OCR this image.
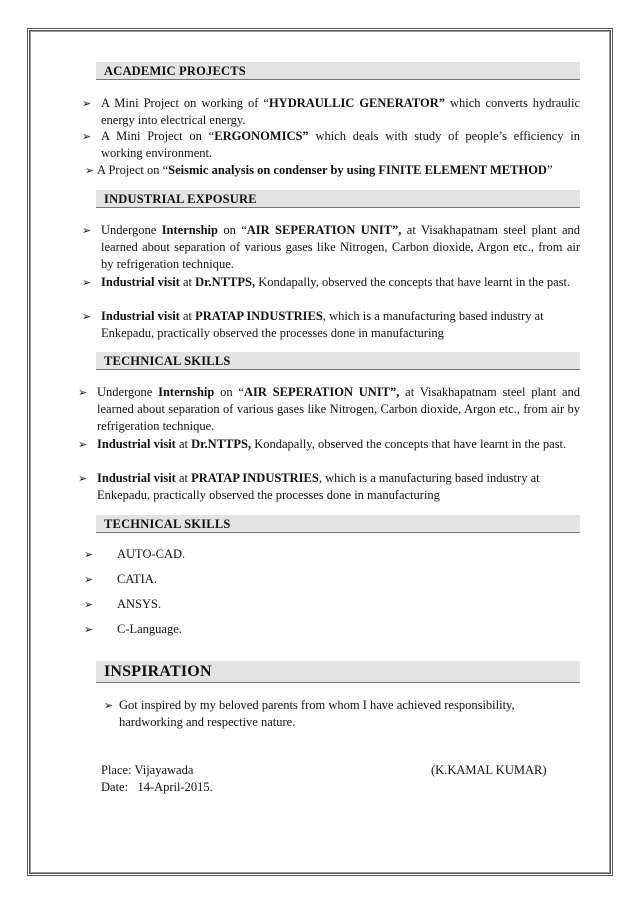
ACADEMIC PROJECTS
➢ A Mini Project on working of “HYDRAULLIC GENERATOR” which converts hydraulic energy into electrical energy.
➢ A Mini Project on “ERGONOMICS” which deals with study of people’s efficiency in working environment.
➢ A Project on “Seismic analysis on condenser by using FINITE ELEMENT METHOD”
INDUSTRIAL EXPOSURE
➢ Undergone Internship on “AIR SEPERATION UNIT”, at Visakhapatnam steel plant and learned about separation of various gases like Nitrogen, Carbon dioxide, Argon etc., from air by refrigeration technique.
➢ Industrial visit at Dr.NTTPS, Kondapally, observed the concepts that have learnt in the past.
➢ Industrial visit at PRATAP INDUSTRIES, which is a manufacturing based industry at Enkepadu, practically observed the processes done in manufacturing
TECHNICAL SKILLS
➢ Undergone Internship on “AIR SEPERATION UNIT”, at Visakhapatnam steel plant and learned about separation of various gases like Nitrogen, Carbon dioxide, Argon etc., from air by refrigeration technique.
➢ Industrial visit at Dr.NTTPS, Kondapally, observed the concepts that have learnt in the past.
➢ Industrial visit at PRATAP INDUSTRIES, which is a manufacturing based industry at Enkepadu, practically observed the processes done in manufacturing
TECHNICAL SKILLS
➢	AUTO-CAD.
➢	CATIA.
➢	ANSYS.
➢	C-Language.
INSPIRATION
➢ Got inspired by my beloved parents from whom I have achieved responsibility, hardworking and respective nature.
Place: Vijayawada
Date:   14-April-2015.
(K.KAMAL KUMAR)
